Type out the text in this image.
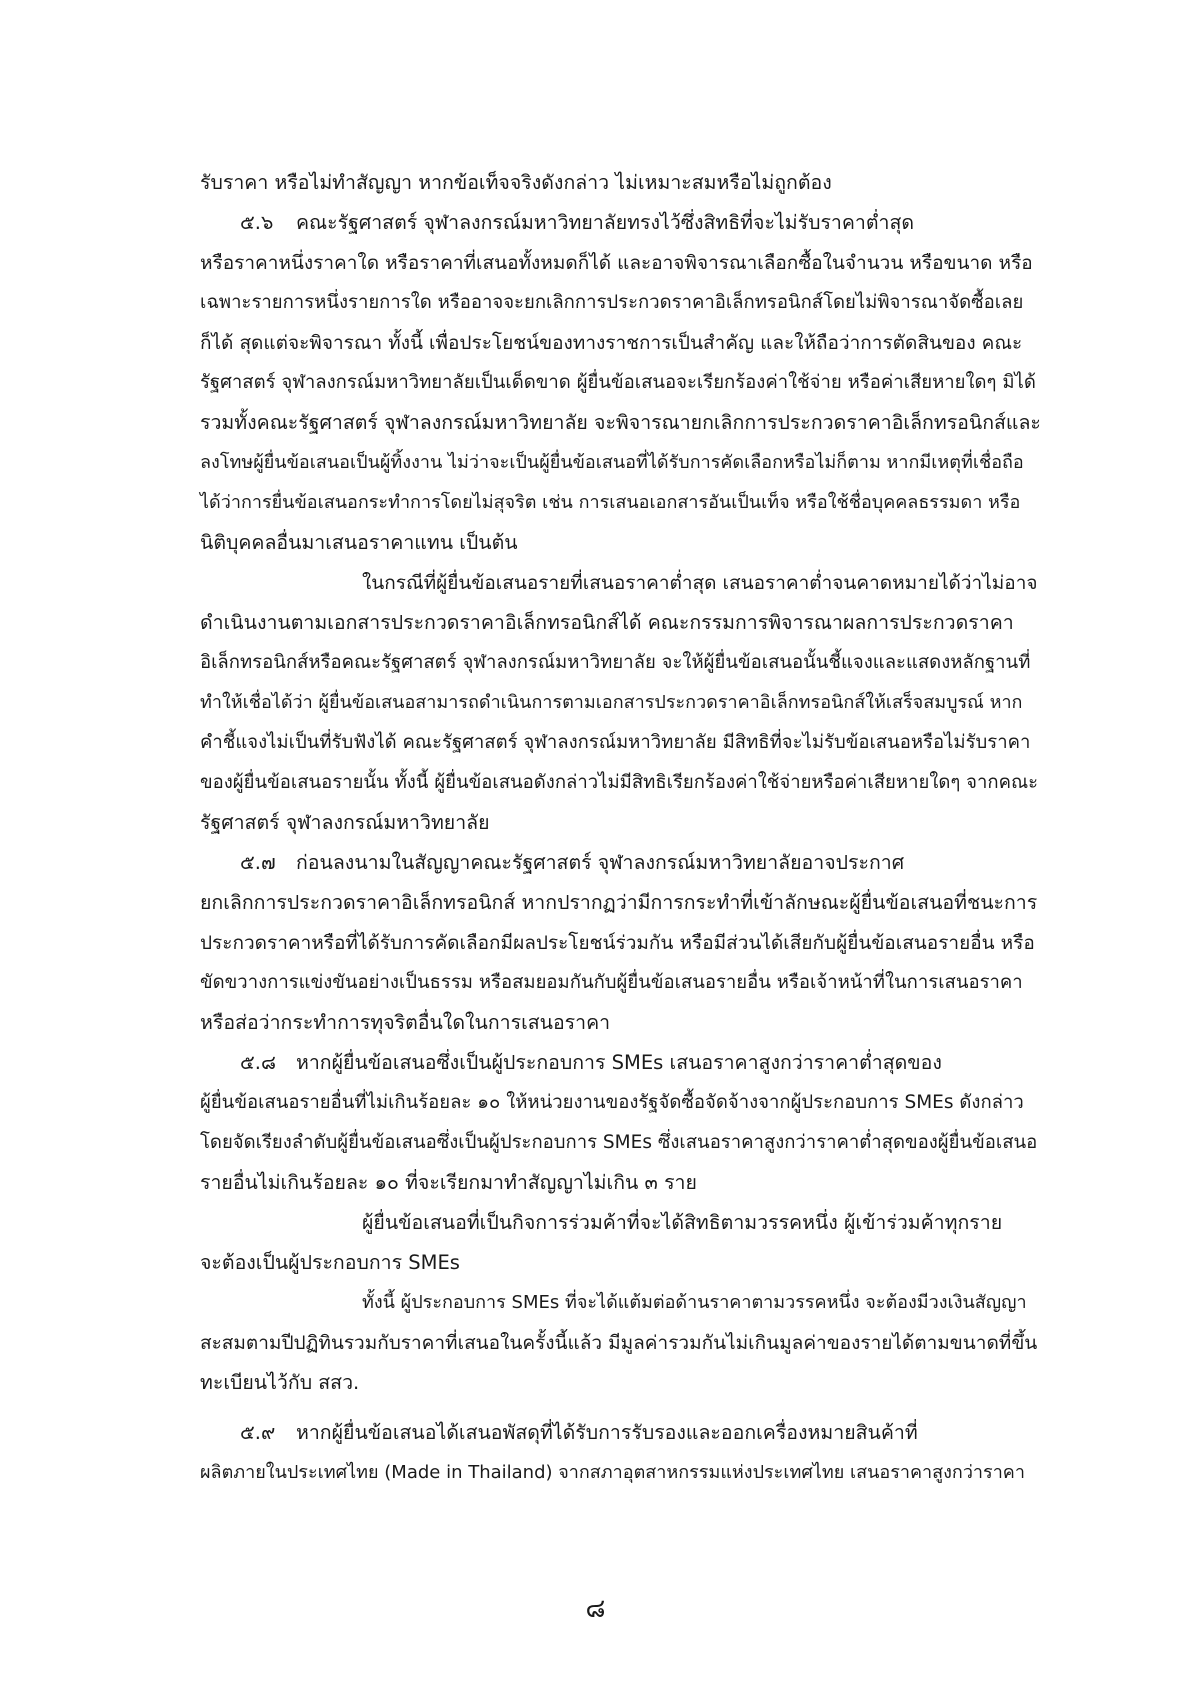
รับราคา หรือไม่ทำสัญญา หากข้อเท็จจริงดังกล่าว ไม่เหมาะสมหรือไม่ถูกต้อง
๕.๖ คณะรัฐศาสตร์ จุฬาลงกรณ์มหาวิทยาลัยทรงไว้ซึ่งสิทธิที่จะไม่รับราคาต่ำสุด
หรือราคาหนึ่งราคาใด หรือราคาที่เสนอทั้งหมดก็ได้ และอาจพิจารณาเลือกซื้อในจำนวน หรือขนาด หรือ
เฉพาะรายการหนึ่งรายการใด หรืออาจจะยกเลิกการประกวดราคาอิเล็กทรอนิกส์โดยไม่พิจารณาจัดซื้อเลย
ก็ได้ สุดแต่จะพิจารณา ทั้งนี้ เพื่อประโยชน์ของทางราชการเป็นสำคัญ และให้ถือว่าการตัดสินของ คณะ
รัฐศาสตร์ จุฬาลงกรณ์มหาวิทยาลัยเป็นเด็ดขาด ผู้ยื่นข้อเสนอจะเรียกร้องค่าใช้จ่าย หรือค่าเสียหายใดๆ มิได้
รวมทั้งคณะรัฐศาสตร์ จุฬาลงกรณ์มหาวิทยาลัย จะพิจารณายกเลิกการประกวดราคาอิเล็กทรอนิกส์และ
ลงโทษผู้ยื่นข้อเสนอเป็นผู้ทิ้งงาน ไม่ว่าจะเป็นผู้ยื่นข้อเสนอที่ได้รับการคัดเลือกหรือไม่ก็ตาม หากมีเหตุที่เชื่อถือ
ได้ว่าการยื่นข้อเสนอกระทำการโดยไม่สุจริต เช่น การเสนอเอกสารอันเป็นเท็จ หรือใช้ชื่อบุคคลธรรมดา หรือ
นิติบุคคลอื่นมาเสนอราคาแทน เป็นต้น
ในกรณีที่ผู้ยื่นข้อเสนอรายที่เสนอราคาต่ำสุด เสนอราคาต่ำจนคาดหมายได้ว่าไม่อาจ
ดำเนินงานตามเอกสารประกวดราคาอิเล็กทรอนิกส์ได้ คณะกรรมการพิจารณาผลการประกวดราคา
อิเล็กทรอนิกส์หรือคณะรัฐศาสตร์ จุฬาลงกรณ์มหาวิทยาลัย จะให้ผู้ยื่นข้อเสนอนั้นชี้แจงและแสดงหลักฐานที่
ทำให้เชื่อได้ว่า ผู้ยื่นข้อเสนอสามารถดำเนินการตามเอกสารประกวดราคาอิเล็กทรอนิกส์ให้เสร็จสมบูรณ์ หาก
คำชี้แจงไม่เป็นที่รับฟังได้ คณะรัฐศาสตร์ จุฬาลงกรณ์มหาวิทยาลัย มีสิทธิที่จะไม่รับข้อเสนอหรือไม่รับราคา
ของผู้ยื่นข้อเสนอรายนั้น ทั้งนี้ ผู้ยื่นข้อเสนอดังกล่าวไม่มีสิทธิเรียกร้องค่าใช้จ่ายหรือค่าเสียหายใดๆ จากคณะ
รัฐศาสตร์ จุฬาลงกรณ์มหาวิทยาลัย
๕.๗ ก่อนลงนามในสัญญาคณะรัฐศาสตร์ จุฬาลงกรณ์มหาวิทยาลัยอาจประกาศ
ยกเลิกการประกวดราคาอิเล็กทรอนิกส์ หากปรากฏว่ามีการกระทำที่เข้าลักษณะผู้ยื่นข้อเสนอที่ชนะการ
ประกวดราคาหรือที่ได้รับการคัดเลือกมีผลประโยชน์ร่วมกัน หรือมีส่วนได้เสียกับผู้ยื่นข้อเสนอรายอื่น หรือ
ขัดขวางการแข่งขันอย่างเป็นธรรม หรือสมยอมกันกับผู้ยื่นข้อเสนอรายอื่น หรือเจ้าหน้าที่ในการเสนอราคา
หรือส่อว่ากระทำการทุจริตอื่นใดในการเสนอราคา
๕.๘ หากผู้ยื่นข้อเสนอซึ่งเป็นผู้ประกอบการ SMEs เสนอราคาสูงกว่าราคาต่ำสุดของ
ผู้ยื่นข้อเสนอรายอื่นที่ไม่เกินร้อยละ ๑๐ ให้หน่วยงานของรัฐจัดซื้อจัดจ้างจากผู้ประกอบการ SMEs ดังกล่าว
โดยจัดเรียงลำดับผู้ยื่นข้อเสนอซึ่งเป็นผู้ประกอบการ SMEs ซึ่งเสนอราคาสูงกว่าราคาต่ำสุดของผู้ยื่นข้อเสนอ
รายอื่นไม่เกินร้อยละ ๑๐ ที่จะเรียกมาทำสัญญาไม่เกิน ๓ ราย
ผู้ยื่นข้อเสนอที่เป็นกิจการร่วมค้าที่จะได้สิทธิตามวรรคหนึ่ง ผู้เข้าร่วมค้าทุกราย
จะต้องเป็นผู้ประกอบการ SMEs
ทั้งนี้ ผู้ประกอบการ SMEs ที่จะได้แต้มต่อด้านราคาตามวรรคหนึ่ง จะต้องมีวงเงินสัญญา
สะสมตามปีปฏิทินรวมกับราคาที่เสนอในครั้งนี้แล้ว มีมูลค่ารวมกันไม่เกินมูลค่าของรายได้ตามขนาดที่ขึ้น
ทะเบียนไว้กับ สสว.
๕.๙ หากผู้ยื่นข้อเสนอได้เสนอพัสดุที่ได้รับการรับรองและออกเครื่องหมายสินค้าที่
ผลิตภายในประเทศไทย (Made in Thailand) จากสภาอุตสาหกรรมแห่งประเทศไทย เสนอราคาสูงกว่าราคา
๘
